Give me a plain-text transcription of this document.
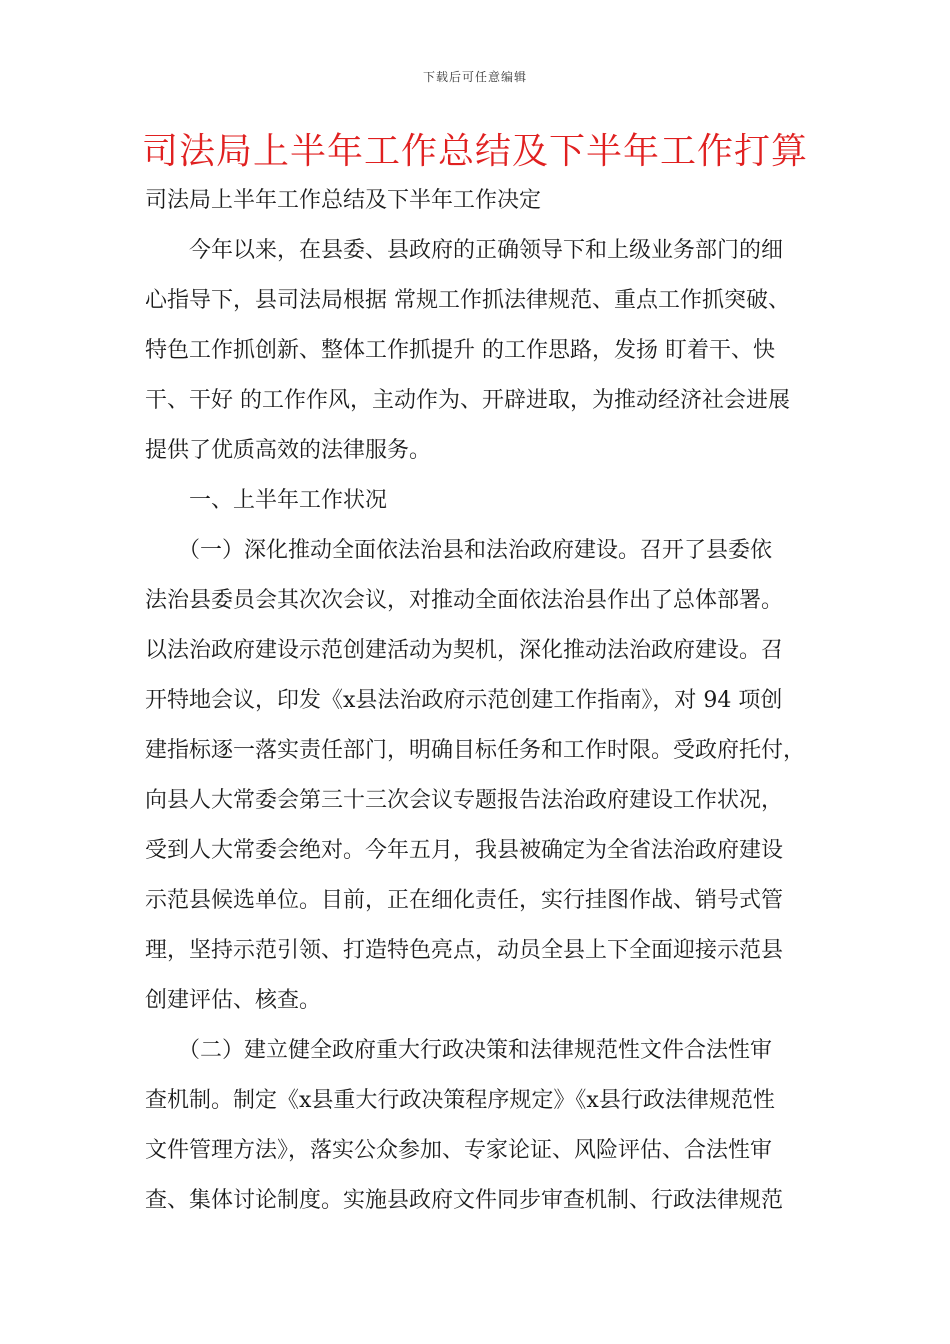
下载后可任意编辑
司法局上半年工作总结及下半年工作打算
司法局上半年工作总结及下半年工作决定
　　今年以来，在县委、县政府的正确领导下和上级业务部门的细
心指导下，县司法局根据 常规工作抓法律规范、重点工作抓突破、
特色工作抓创新、整体工作抓提升 的工作思路，发扬 盯着干、快
干、干好 的工作作风，主动作为、开辟进取，为推动经济社会进展
提供了优质高效的法律服务。
　　一、上半年工作状况
　　（一）深化推动全面依法治县和法治政府建设。召开了县委依
法治县委员会其次次会议，对推动全面依法治县作出了总体部署。
以法治政府建设示范创建活动为契机，深化推动法治政府建设。召
开特地会议，印发《x县法治政府示范创建工作指南》，对 94 项创
建指标逐一落实责任部门，明确目标任务和工作时限。受政府托付，
向县人大常委会第三十三次会议专题报告法治政府建设工作状况，
受到人大常委会绝对。今年五月，我县被确定为全省法治政府建设
示范县候选单位。目前，正在细化责任，实行挂图作战、销号式管
理，坚持示范引领、打造特色亮点，动员全县上下全面迎接示范县
创建评估、核查。
　　（二）建立健全政府重大行政决策和法律规范性文件合法性审
查机制。制定《x县重大行政决策程序规定》《x县行政法律规范性
文件管理方法》，落实公众参加、专家论证、风险评估、合法性审
查、集体讨论制度。实施县政府文件同步审查机制、行政法律规范
